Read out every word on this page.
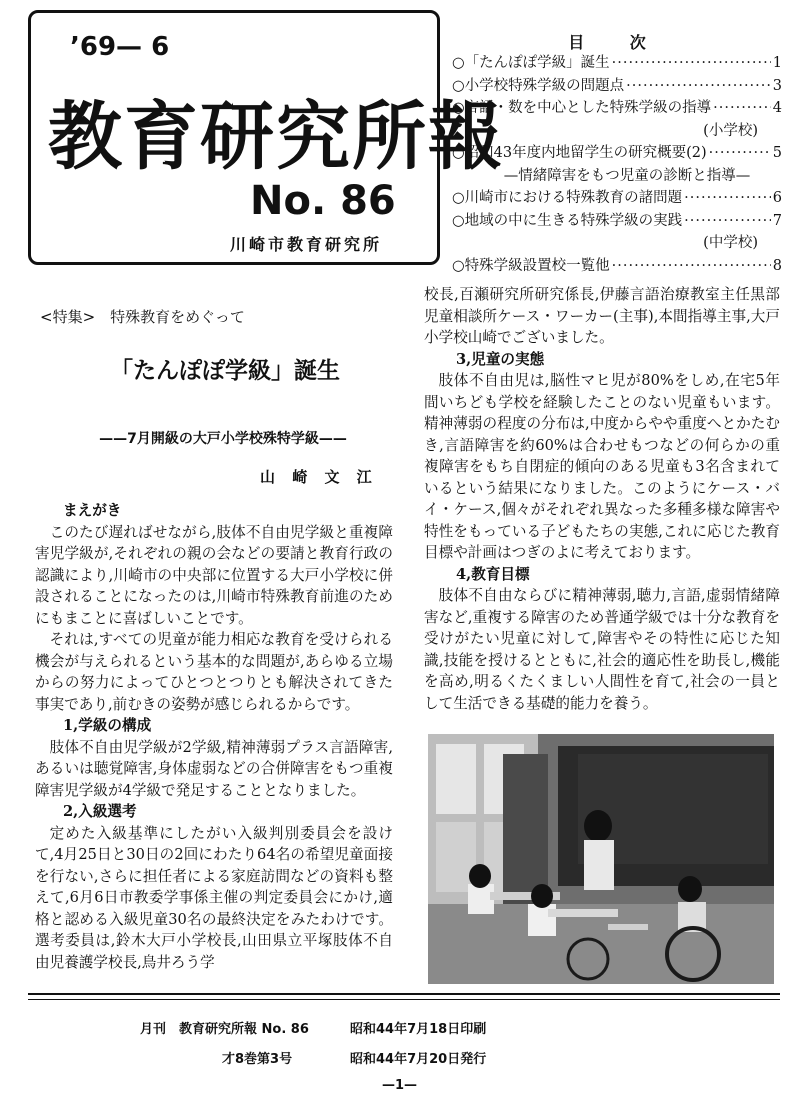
’69— 6
教育研究所報
No. 86
川崎市教育研究所
目 次
○「たんぽぽ学級」誕生 ·····	1
○小学校特殊学級の問題点 ·····	3
○言語・数を中心とした特殊学級の指導 ·····	4
(小学校)
○昭和43年度内地留学生の研究概要(2) ·····	5
—情緒障害をもつ児童の診断と指導—
○川崎市における特殊教育の諸問題 ·····	6
○地域の中に生きる特殊学級の実践 ·····	7
(中学校)
○特殊学級設置校一覧他 ·····	8
<特集>　特殊教育をめぐって
「たんぽぽ学級」誕生
——7月開級の大戸小学校殊特学級——
山 崎 文 江

まえがき

このたび遅ればせながら,肢体不自由児学級と重複障害児学級が,それぞれの親の会などの要請と教育行政の認識により,川崎市の中央部に位置する大戸小学校に併設されることになったのは,川崎市特殊教育前進のためにもまことに喜ばしいことです。

それは,すべての児童が能力相応な教育を受けられる機会が与えられるという基本的な問題が,あらゆる立場からの努力によってひとつとつりとも解決されてきた事実であり,前むきの姿勢が感じられるからです。

1,学級の構成

肢体不自由児学級が2学級,精神薄弱プラス言語障害,あるいは聴覚障害,身体虚弱などの合併障害をもつ重複障害児学級が4学級で発足することとなりました。

2,入級選考

定めた入級基準にしたがい入級判別委員会を設けて,4月25日と30日の2回にわたり64名の希望児童面接を行ない,さらに担任者による家庭訪問などの資料も整えて,6月6日市教委学事係主催の判定委員会にかけ,適格と認める入級児童30名の最終決定をみたわけです。選考委員は,鈴木大戸小学校長,山田県立平塚肢体不自由児養護学校長,鳥井ろう学

校長,百瀬研究所研究係長,伊藤言語治療教室主任黒部児童相談所ケース・ワーカー(主事),本間指導主事,大戸小学校山崎でございました。

3,児童の実態

肢体不自由児は,脳性マヒ児が80%をしめ,在宅5年間いちども学校を経験したことのない児童もいます。精神薄弱の程度の分布は,中度からやや重度へとかたむき,言語障害を約60%は合わせもつなどの何らかの重複障害をもち自閉症的傾向のある児童も3名含まれているという結果になりました。このようにケース・バイ・ケース,個々がそれぞれ異なった多種多様な障害や特性をもっている子どもたちの実態,これに応じた教育目標や計画はつぎのよに考えております。

4,教育目標

肢体不自由ならびに精神薄弱,聴力,言語,虚弱情緒障害など,重複する障害のため普通学級では十分な教育を受けがたい児童に対して,障害やその特性に応じた知識,技能を授けるとともに,社会的適応性を助長し,機能を高め,明るくたくましい人間性を育て,社会の一員として生活できる基礎的能力を養う。

月刊　教育研究所報 No. 86	昭和44年7月18日印刷
才8巻第3号	昭和44年7月20日発行
—1—
